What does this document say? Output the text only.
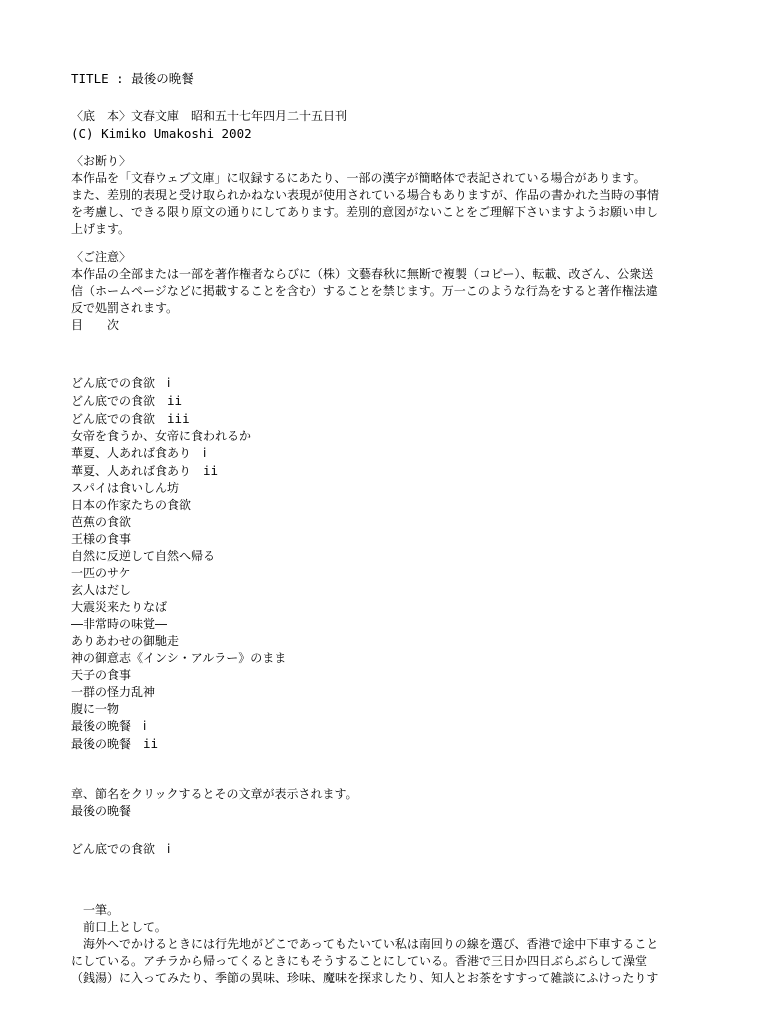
TITLE : 最後の晩餐
〈底　本〉文春文庫　昭和五十七年四月二十五日刊
(C) Kimiko Umakoshi 2002
〈お断り〉
本作品を「文春ウェブ文庫」に収録するにあたり、一部の漢字が簡略体で表記されている場合があります。
また、差別的表現と受け取られかねない表現が使用されている場合もありますが、作品の書かれた当時の事情
を考慮し、できる限り原文の通りにしてあります。差別的意図がないことをご理解下さいますようお願い申し
上げます。
〈ご注意〉
本作品の全部または一部を著作権者ならびに（株）文藝春秋に無断で複製（コピー）、転載、改ざん、公衆送
信（ホームページなどに掲載することを含む）することを禁じます。万一このような行為をすると著作権法違
反で処罰されます。
目　　次
どん底での食欲 ⅰ
どん底での食欲 ii
どん底での食欲 iii
女帝を食うか、女帝に食われるか
華夏、人あれば食あり ⅰ
華夏、人あれば食あり ii
スパイは食いしん坊
日本の作家たちの食欲
芭蕉の食欲
王様の食事
自然に反逆して自然へ帰る
一匹のサケ
玄人はだし
大震災来たりなば
―非常時の味覚―
ありあわせの御馳走
神の御意志《インシ・アルラー》のまま
天子の食事
一群の怪力乱神
腹に一物
最後の晩餐 ⅰ
最後の晩餐 ii
章、節名をクリックするとその文章が表示されます。
最後の晩餐
どん底での食欲 ⅰ
一筆。
前口上として。
海外へでかけるときには行先地がどこであってもたいてい私は南回りの線を選び、香港で途中下車すること
にしている。アチラから帰ってくるときにもそうすることにしている。香港で三日か四日ぶらぶらして澡堂
（銭湯）に入ってみたり、季節の異味、珍味、魔味を探求したり、知人とお茶をすすって雑談にふけったりす
